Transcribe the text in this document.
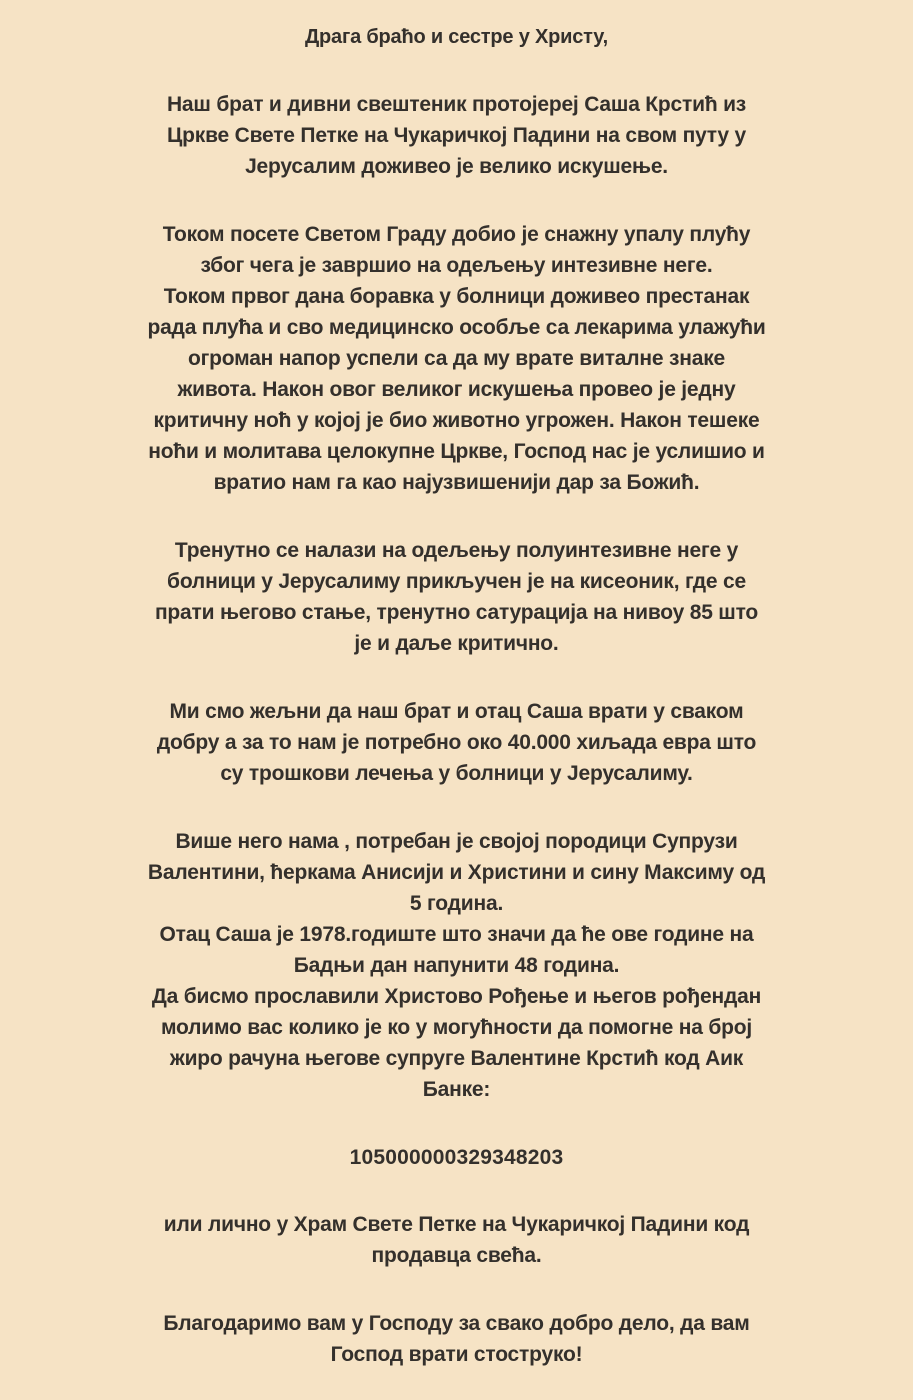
Драга браћо и сестре у Христу,
Наш брат и дивни свештеник протојереј Саша Крстић из
Цркве Свете Петке на Чукаричкој Падини на свом путу у
Јерусалим доживео је велико искушење.
Током посете Светом Граду добио је снажну упалу плућу
због чега је завршио на одељењу интезивне неге.
Током првог дана боравка у болници доживео престанак
рада плућа и сво медицинско особље са лекарима улажући
огроман напор успели са да му врате виталне знаке
живота. Након овог великог искушења провео је једну
критичну ноћ у којој је био животно угрожен. Након тешеке
ноћи и молитава целокупне Цркве, Господ нас је услишио и
вратио нам га као најузвишенији дар за Божић.
Тренутно се налази на одељењу полуинтезивне неге у
болници у Јерусалиму прикључен је на кисеоник, где се
прати његово стање, тренутно сатурација на нивоу 85 што
је и даље критично.
Ми смо жељни да наш брат и отац Саша врати у сваком
добру а за то нам је потребно око 40.000 хиљада евра што
су трошкови лечења у болници у Јерусалиму.
Више него нама , потребан је својој породици Супрузи
Валентини, ћеркама Анисији и Христини и сину Максиму од
5 година.
Отац Саша је 1978.годиште што значи да ће ове године на
Бадњи дан напунити 48 година.
Да бисмо прославили Христово Рођење и његов рођендан
молимо вас колико је ко у могућности да помогне на број
жиро рачуна његове супруге Валентине Крстић код Аик
Банке:
105000000329348203
или лично у Храм Свете Петке на Чукаричкој Падини код
продавца свећа.
Благодаримо вам у Господу за свако добро дело, да вам
Господ врати стоструко!
